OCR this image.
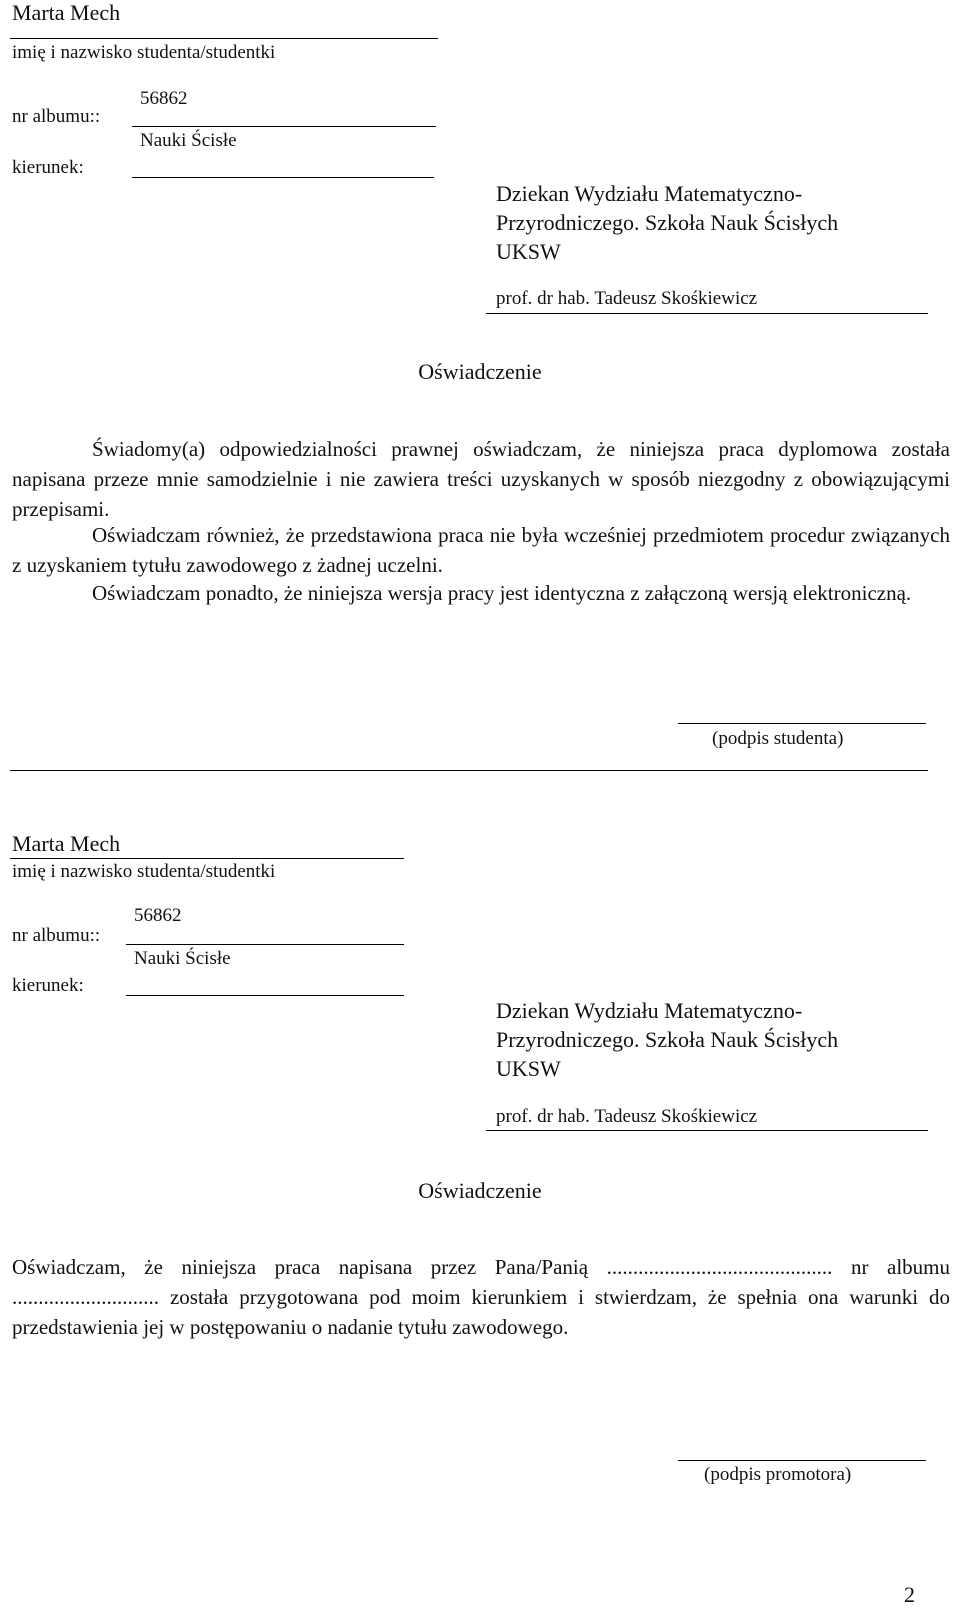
Marta Mech
imię i nazwisko studenta/studentki
56862
nr albumu::
Nauki Ścisłe
kierunek:
Dziekan Wydziału Matematyczno-
Przyrodniczego. Szkoła Nauk Ścisłych
UKSW
prof. dr hab. Tadeusz Skośkiewicz
Oświadczenie
Świadomy(a) odpowiedzialności prawnej oświadczam, że niniejsza praca dyplomowa została napisana przeze mnie samodzielnie i nie zawiera treści uzyskanych w sposób niezgodny z obowiązującymi przepisami.
Oświadczam również, że przedstawiona praca nie była wcześniej przedmiotem procedur związanych z uzyskaniem tytułu zawodowego z żadnej uczelni.
Oświadczam ponadto, że niniejsza wersja pracy jest identyczna z załączoną wersją elektroniczną.
(podpis studenta)
Marta Mech
imię i nazwisko studenta/studentki
56862
nr albumu::
Nauki Ścisłe
kierunek:
Dziekan Wydziału Matematyczno-
Przyrodniczego. Szkoła Nauk Ścisłych
UKSW
prof. dr hab. Tadeusz Skośkiewicz
Oświadczenie
Oświadczam, że niniejsza praca napisana przez Pana/Panią ........................................... nr albumu ............................ została przygotowana pod moim kierunkiem i stwierdzam, że spełnia ona warunki do przedstawienia jej w postępowaniu o nadanie tytułu zawodowego.
(podpis promotora)
2
